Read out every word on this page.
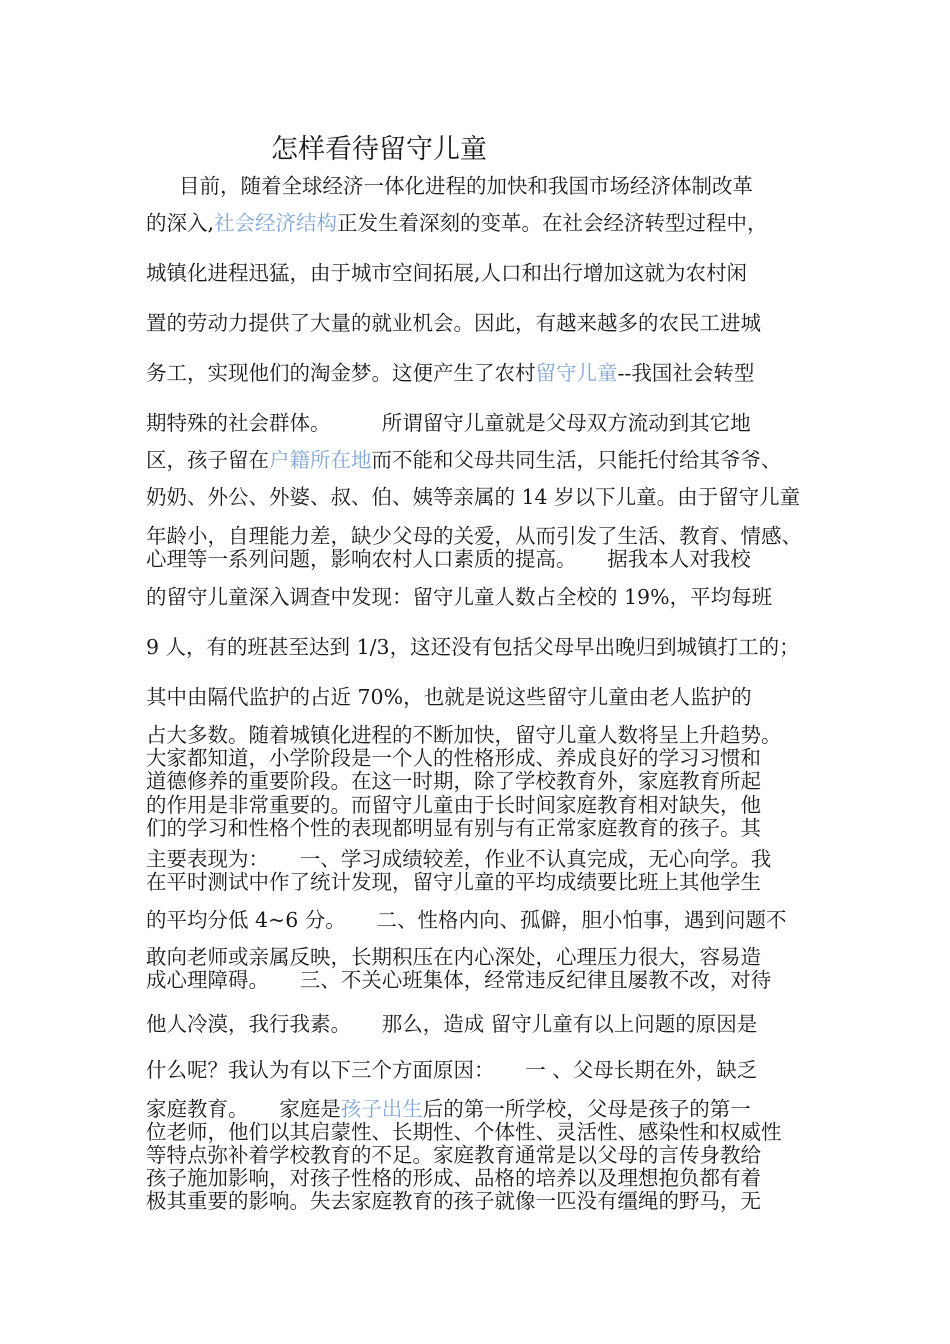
怎样看待留守儿童
目前，随着全球经济一体化进程的加快和我国市场经济体制改革
的深入,社会经济结构正发生着深刻的变革。在社会经济转型过程中，
城镇化进程迅猛，由于城市空间拓展,人口和出行增加这就为农村闲
置的劳动力提供了大量的就业机会。因此，有越来越多的农民工进城
务工，实现他们的淘金梦。这便产生了农村留守儿童--我国社会转型
期特殊的社会群体。　　　所谓留守儿童就是父母双方流动到其它地
区，孩子留在户籍所在地而不能和父母共同生活，只能托付给其爷爷、
奶奶、外公、外婆、叔、伯、姨等亲属的 14 岁以下儿童。由于留守儿童
年龄小，自理能力差，缺少父母的关爱，从而引发了生活、教育、情感、
心理等一系列问题，影响农村人口素质的提高。　　据我本人对我校
的留守儿童深入调查中发现：留守儿童人数占全校的 19%，平均每班
9 人，有的班甚至达到 1/3，这还没有包括父母早出晚归到城镇打工的；
其中由隔代监护的占近 70%，也就是说这些留守儿童由老人监护的
占大多数。随着城镇化进程的不断加快，留守儿童人数将呈上升趋势。
大家都知道，小学阶段是一个人的性格形成、养成良好的学习习惯和
道德修养的重要阶段。在这一时期，除了学校教育外，家庭教育所起
的作用是非常重要的。而留守儿童由于长时间家庭教育相对缺失，他
们的学习和性格个性的表现都明显有别与有正常家庭教育的孩子。其
主要表现为：　　一、学习成绩较差，作业不认真完成，无心向学。我
在平时测试中作了统计发现，留守儿童的平均成绩要比班上其他学生
的平均分低 4~6 分。　　二、性格内向、孤僻，胆小怕事，遇到问题不
敢向老师或亲属反映，长期积压在内心深处，心理压力很大，容易造
成心理障碍。　　三、不关心班集体，经常违反纪律且屡教不改，对待
他人冷漠，我行我素。　　那么，造成 留守儿童有以上问题的原因是
什么呢？我认为有以下三个方面原因：　　一 、父母长期在外，缺乏
家庭教育。　　家庭是孩子出生后的第一所学校，父母是孩子的第一
位老师，他们以其启蒙性、长期性、个体性、灵活性、感染性和权威性
等特点弥补着学校教育的不足。家庭教育通常是以父母的言传身教给
孩子施加影响，对孩子性格的形成、品格的培养以及理想抱负都有着
极其重要的影响。失去家庭教育的孩子就像一匹没有缰绳的野马，无
